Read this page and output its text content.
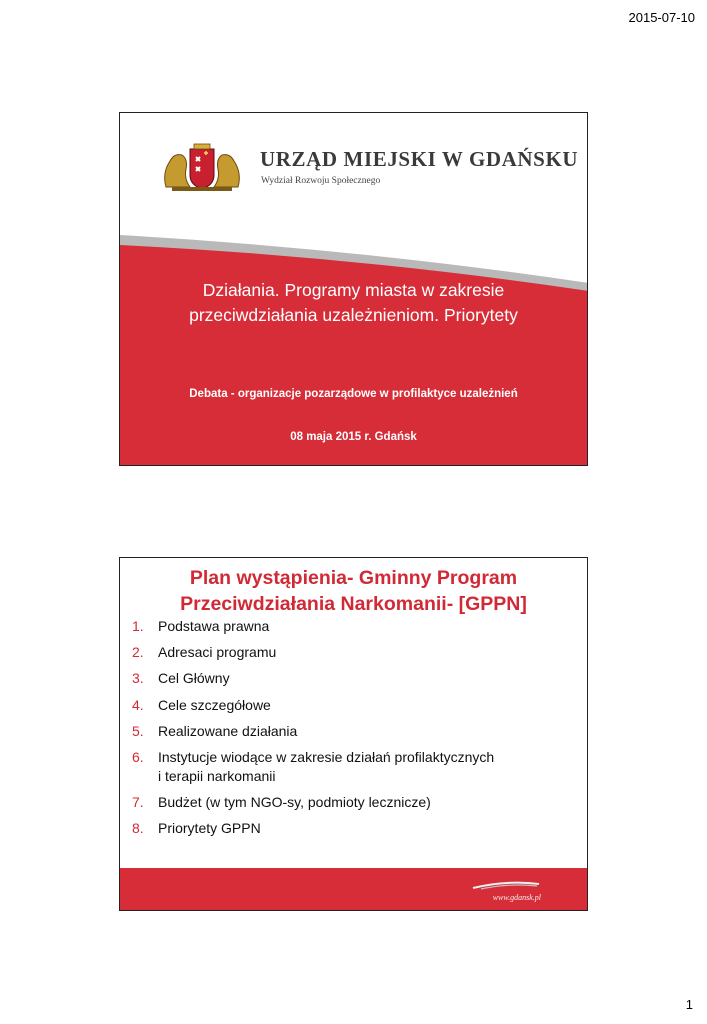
2015-07-10
URZĄD MIEJSKI W GDAŃSKU
Wydział Rozwoju Społecznego
Działania. Programy miasta w zakresie
przeciwdziałania uzależnieniom. Priorytety
Debata - organizacje pozarządowe w profilaktyce uzależnień
08 maja 2015 r. Gdańsk
Plan wystąpienia- Gminny Program
Przeciwdziałania Narkomanii- [GPPN]
1.	Podstawa prawna
2.	Adresaci programu
3.	Cel Główny
4.	Cele szczegółowe
5.	Realizowane działania
6.	Instytucje wiodące w zakresie działań profilaktycznych
i terapii narkomanii
7.	Budżet (w tym NGO-sy, podmioty lecznicze)
8.	Priorytety GPPN
www.gdansk.pl
1
